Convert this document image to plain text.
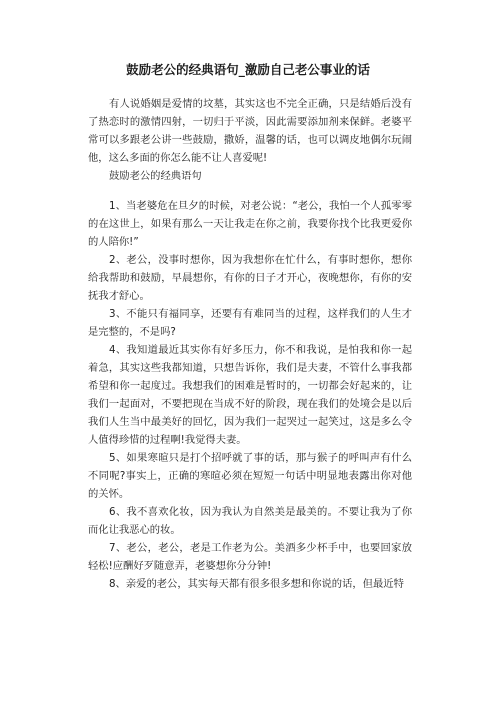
鼓励老公的经典语句_激励自己老公事业的话

有人说婚姻是爱情的坟墓，其实这也不完全正确，只是结婚后没有了热恋时的激情四射，一切归于平淡，因此需要添加剂来保鲜。老婆平常可以多跟老公讲一些鼓励，撒娇，温馨的话，也可以调皮地偶尔玩闹他，这么多面的你怎么能不让人喜爱呢!

鼓励老公的经典语句

1、当老婆危在旦夕的时候，对老公说：“老公，我怕一个人孤零零的在这世上，如果有那么一天让我走在你之前，我要你找个比我更爱你的人陪你!”

2、老公，没事时想你，因为我想你在忙什么，有事时想你，想你给我帮助和鼓励，早晨想你，有你的日子才开心，夜晚想你，有你的安抚我才舒心。

3、不能只有福同享，还要有有难同当的过程，这样我们的人生才是完整的，不是吗?

4、我知道最近其实你有好多压力，你不和我说，是怕我和你一起着急，其实这些我都知道，只想告诉你，我们是夫妻，不管什么事我都希望和你一起度过。我想我们的困难是暂时的，一切都会好起来的，让我们一起面对，不要把现在当成不好的阶段，现在我们的处境会是以后我们人生当中最美好的回忆，因为我们一起哭过一起笑过，这是多么令人值得珍惜的过程啊!我觉得夫妻。

5、如果寒暄只是打个招呼就了事的话，那与猴子的呼叫声有什么不同呢?事实上，正确的寒暄必须在短短一句话中明显地表露出你对他的关怀。

6、我不喜欢化妆，因为我认为自然美是最美的。不要让我为了你而化让我恶心的妆。

7、老公，老公，老是工作老为公。美酒多少杯手中，也要回家放轻松!应酬好歹随意弄，老婆想你分分钟!

8、亲爱的老公，其实每天都有很多很多想和你说的话，但最近特
